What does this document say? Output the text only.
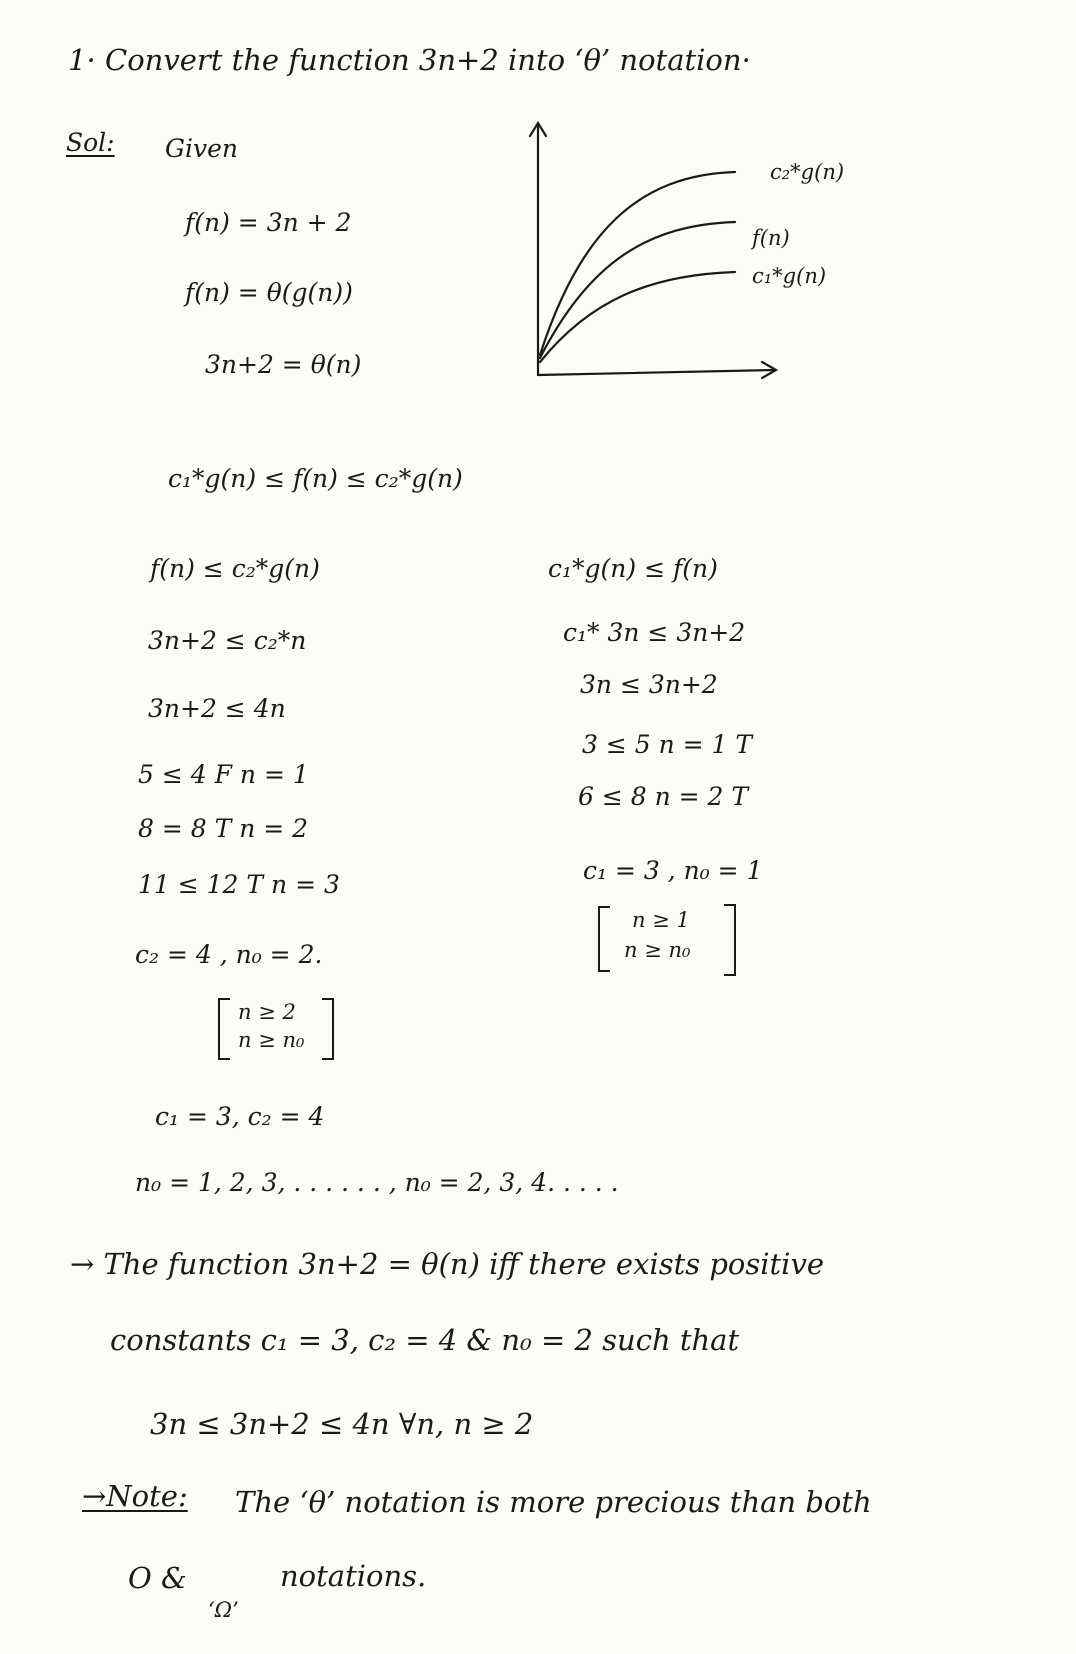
1· Convert the function 3n+2 into ‘θ’ notation·
Sol: Given
f(n) = 3n + 2
f(n) = θ(g(n))
3n+2 = θ(n)
c₂*g(n)
f(n)
c₁*g(n)
c₁*g(n) ≤ f(n) ≤ c₂*g(n)
f(n) ≤ c₂*g(n)
3n+2 ≤ c₂*n
3n+2 ≤ 4n
5 ≤ 4 F n = 1
8 = 8 T n = 2
11 ≤ 12 T n = 3
c₂ = 4 , n₀ = 2.
n ≥ 2
n ≥ n₀
c₁*g(n) ≤ f(n)
c₁* 3n ≤ 3n+2
3n ≤ 3n+2
3 ≤ 5 n = 1 T
6 ≤ 8 n = 2 T
c₁ = 3 , n₀ = 1
n ≥ 1
n ≥ n₀
c₁ = 3, c₂ = 4
n₀ = 1, 2, 3, . . . . . . , n₀ = 2, 3, 4. . . . .
→ The function 3n+2 = θ(n) iff there exists positive
constants c₁ = 3, c₂ = 4 & n₀ = 2 such that
3n ≤ 3n+2 ≤ 4n ∀n, n ≥ 2
→Note: The ‘θ’ notation is more precious than both
O &
‘Ω’
notations.
